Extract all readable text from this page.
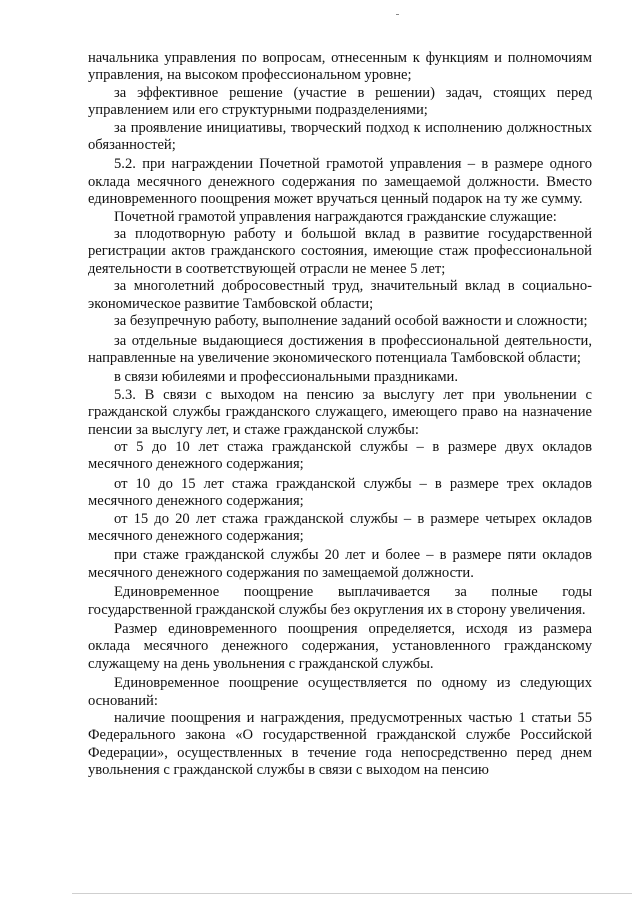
начальника управления по вопросам, отнесенным к функциям и полномочиям управления, на высоком профессиональном уровне;

за эффективное решение (участие в решении) задач, стоящих перед управлением или его структурными подразделениями;

за проявление инициативы, творческий подход к исполнению должностных обязанностей;

5.2. при награждении Почетной грамотой управления – в размере одного оклада месячного денежного содержания по замещаемой должности. Вместо единовременного поощрения может вручаться ценный подарок на ту же сумму.

Почетной грамотой управления награждаются гражданские служащие:

за плодотворную работу и большой вклад в развитие государственной регистрации актов гражданского состояния, имеющие стаж профессиональной деятельности в соответствующей отрасли не менее 5 лет;

за многолетний добросовестный труд, значительный вклад в социально-экономическое развитие Тамбовской области;

за безупречную работу, выполнение заданий особой важности и сложности;

за отдельные выдающиеся достижения в профессиональной деятельности, направленные на увеличение экономического потенциала Тамбовской области;

в связи юбилеями и профессиональными праздниками.

5.3. В связи с выходом на пенсию за выслугу лет при увольнении с гражданской службы гражданского служащего, имеющего право на назначение пенсии за выслугу лет, и стаже гражданской службы:

от 5 до 10 лет стажа гражданской службы – в размере двух окладов месячного денежного содержания;

от 10 до 15 лет стажа гражданской службы – в размере трех окладов месячного денежного содержания;

от 15 до 20 лет стажа гражданской службы – в размере четырех окладов месячного денежного содержания;

при стаже гражданской службы 20 лет и более – в размере пяти окладов месячного денежного содержания по замещаемой должности.

Единовременное поощрение выплачивается за полные годы государственной гражданской службы без округления их в сторону увеличения.

Размер единовременного поощрения определяется, исходя из размера оклада месячного денежного содержания, установленного гражданскому служащему на день увольнения с гражданской службы.

Единовременное поощрение осуществляется по одному из следующих оснований:

наличие поощрения и награждения, предусмотренных частью 1 статьи 55 Федерального закона «О государственной гражданской службе Российской Федерации», осуществленных в течение года непосредственно перед днем увольнения с гражданской службы в связи с выходом на пенсию
